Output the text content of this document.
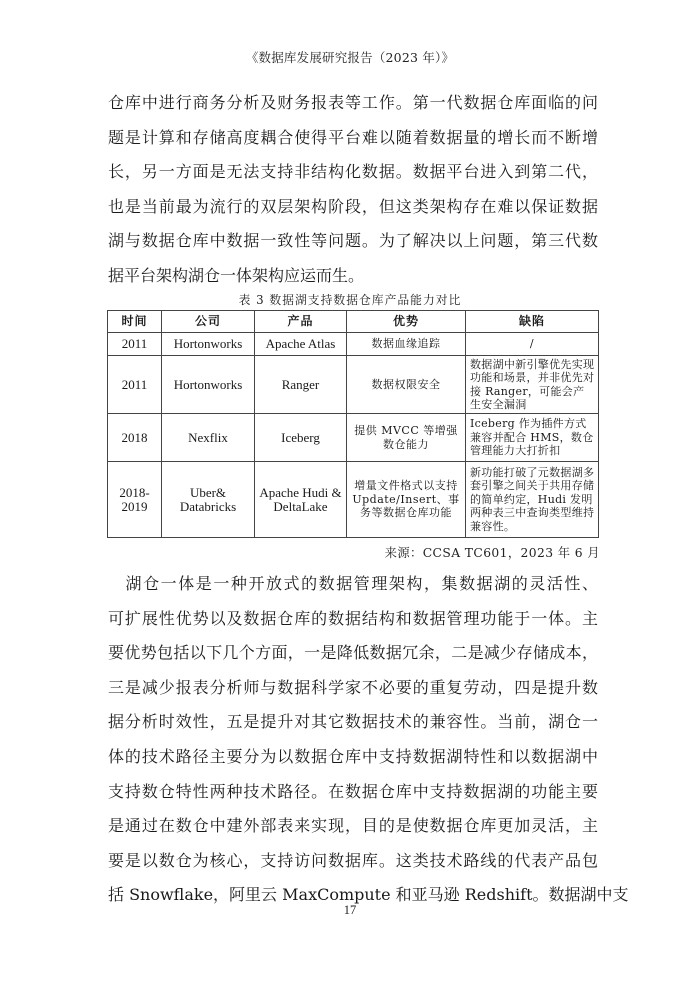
《数据库发展研究报告（2023 年）》
仓库中进行商务分析及财务报表等工作。第一代数据仓库面临的问
题是计算和存储高度耦合使得平台难以随着数据量的增长而不断增
长，另一方面是无法支持非结构化数据。数据平台进入到第二代，
也是当前最为流行的双层架构阶段，但这类架构存在难以保证数据
湖与数据仓库中数据一致性等问题。为了解决以上问题，第三代数
据平台架构湖仓一体架构应运而生。
表 3 数据湖支持数据仓库产品能力对比
时间	公司	产品	优势	缺陷
2011	Hortonworks	Apache Atlas	数据血缘追踪	/
2011	Hortonworks	Ranger	数据权限安全	数据湖中新引擎优先实现功能和场景，并非优先对接 Ranger，可能会产生安全漏洞
2018	Nexflix	Iceberg	提供 MVCC 等增强数仓能力	Iceberg 作为插件方式兼容并配合 HMS，数仓管理能力大打折扣
2018-2019	Uber& Databricks	Apache Hudi & DeltaLake	增量文件格式以支持 Update/Insert、事务等数据仓库功能	新功能打破了元数据湖多套引擎之间关于共用存储的简单约定，Hudi 发明两种表三中查询类型维持兼容性。
来源：CCSA TC601，2023 年 6 月
　湖仓一体是一种开放式的数据管理架构，集数据湖的灵活性、
可扩展性优势以及数据仓库的数据结构和数据管理功能于一体。主
要优势包括以下几个方面，一是降低数据冗余，二是减少存储成本，
三是减少报表分析师与数据科学家不必要的重复劳动，四是提升数
据分析时效性，五是提升对其它数据技术的兼容性。当前，湖仓一
体的技术路径主要分为以数据仓库中支持数据湖特性和以数据湖中
支持数仓特性两种技术路径。在数据仓库中支持数据湖的功能主要
是通过在数仓中建外部表来实现，目的是使数据仓库更加灵活，主
要是以数仓为核心，支持访问数据库。这类技术路线的代表产品包
括 Snowflake，阿里云 MaxCompute 和亚马逊 Redshift。数据湖中支
17
